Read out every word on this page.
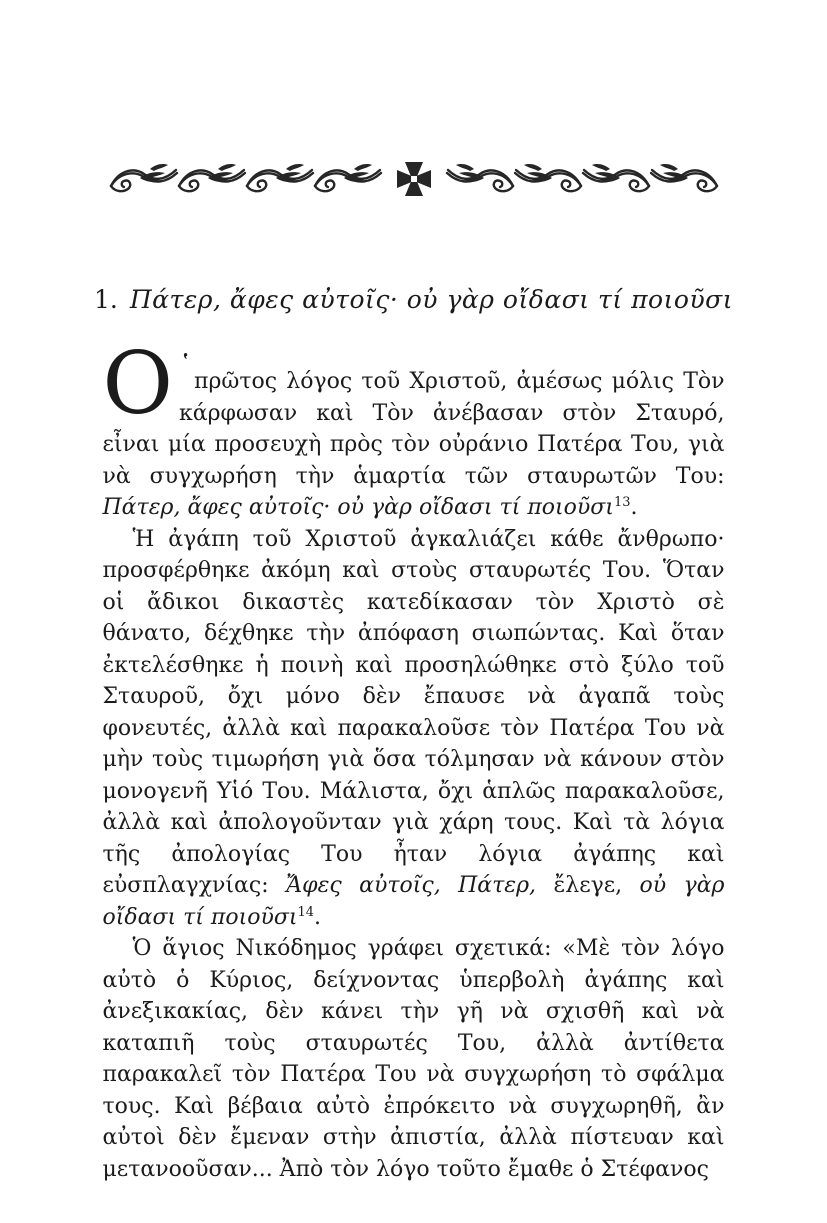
1. Πάτερ, ἄφες αὐτοῖς· οὐ γὰρ οἴδασι τί ποιοῦσι

Ο ῾πρῶτος λόγος τοῦ Χριστοῦ, ἀμέσως μόλις Τὸν κάρφωσαν καὶ Τὸν ἀνέβασαν στὸν Σταυρό, εἶναι μία προσευχὴ πρὸς τὸν οὐράνιο Πατέρα Του, γιὰ νὰ συγχωρήση τὴν ἁμαρτία τῶν σταυρωτῶν Του: Πάτερ, ἄφες αὐτοῖς· οὐ γὰρ οἴδασι τί ποιοῦσι$^{13}$.

Ἡ ἀγάπη τοῦ Χριστοῦ ἀγκαλιάζει κάθε ἄνθρωπο· προσφέρθηκε ἀκόμη καὶ στοὺς σταυρωτές Του. Ὅταν οἱ ἄδικοι δικαστὲς κατεδίκασαν τὸν Χριστὸ σὲ θάνατο, δέχθηκε τὴν ἀπόφαση σιωπώντας. Καὶ ὅταν ἐκτελέσθηκε ἡ ποινὴ καὶ προσηλώθηκε στὸ ξύλο τοῦ Σταυροῦ, ὄχι μόνο δὲν ἔπαυσε νὰ ἀγαπᾶ τοὺς φονευτές, ἀλλὰ καὶ παρακαλοῦσε τὸν Πατέρα Του νὰ μὴν τοὺς τιμωρήση γιὰ ὅσα τόλμησαν νὰ κάνουν στὸν μονογενῆ Υἱό Του. Μάλιστα, ὄχι ἁπλῶς παρακαλοῦσε, ἀλλὰ καὶ ἀπολογοῦνταν γιὰ χάρη τους. Καὶ τὰ λόγια τῆς ἀπολογίας Του ἦταν λόγια ἀγάπης καὶ εὐσπλαγχνίας: Ἄφες αὐτοῖς, Πάτερ, ἔλεγε, οὐ γὰρ οἴδασι τί ποιοῦσι$^{14}$.

Ὁ ἅγιος Νικόδημος γράφει σχετικά: «Μὲ τὸν λόγο αὐτὸ ὁ Κύριος, δείχνοντας ὑπερβολὴ ἀγάπης καὶ ἀνεξικακίας, δὲν κάνει τὴν γῆ νὰ σχισθῆ καὶ νὰ καταπιῆ τοὺς σταυρωτές Του, ἀλλὰ ἀντίθετα παρακαλεῖ τὸν Πατέρα Του νὰ συγχωρήση τὸ σφάλμα τους. Καὶ βέβαια αὐτὸ ἐπρόκειτο νὰ συγχωρηθῆ, ἂν αὐτοὶ δὲν ἔμεναν στὴν ἀπιστία, ἀλλὰ πίστευαν καὶ μετανοοῦσαν... Ἀπὸ τὸν λόγο τοῦτο ἔμαθε ὁ Στέφανος
